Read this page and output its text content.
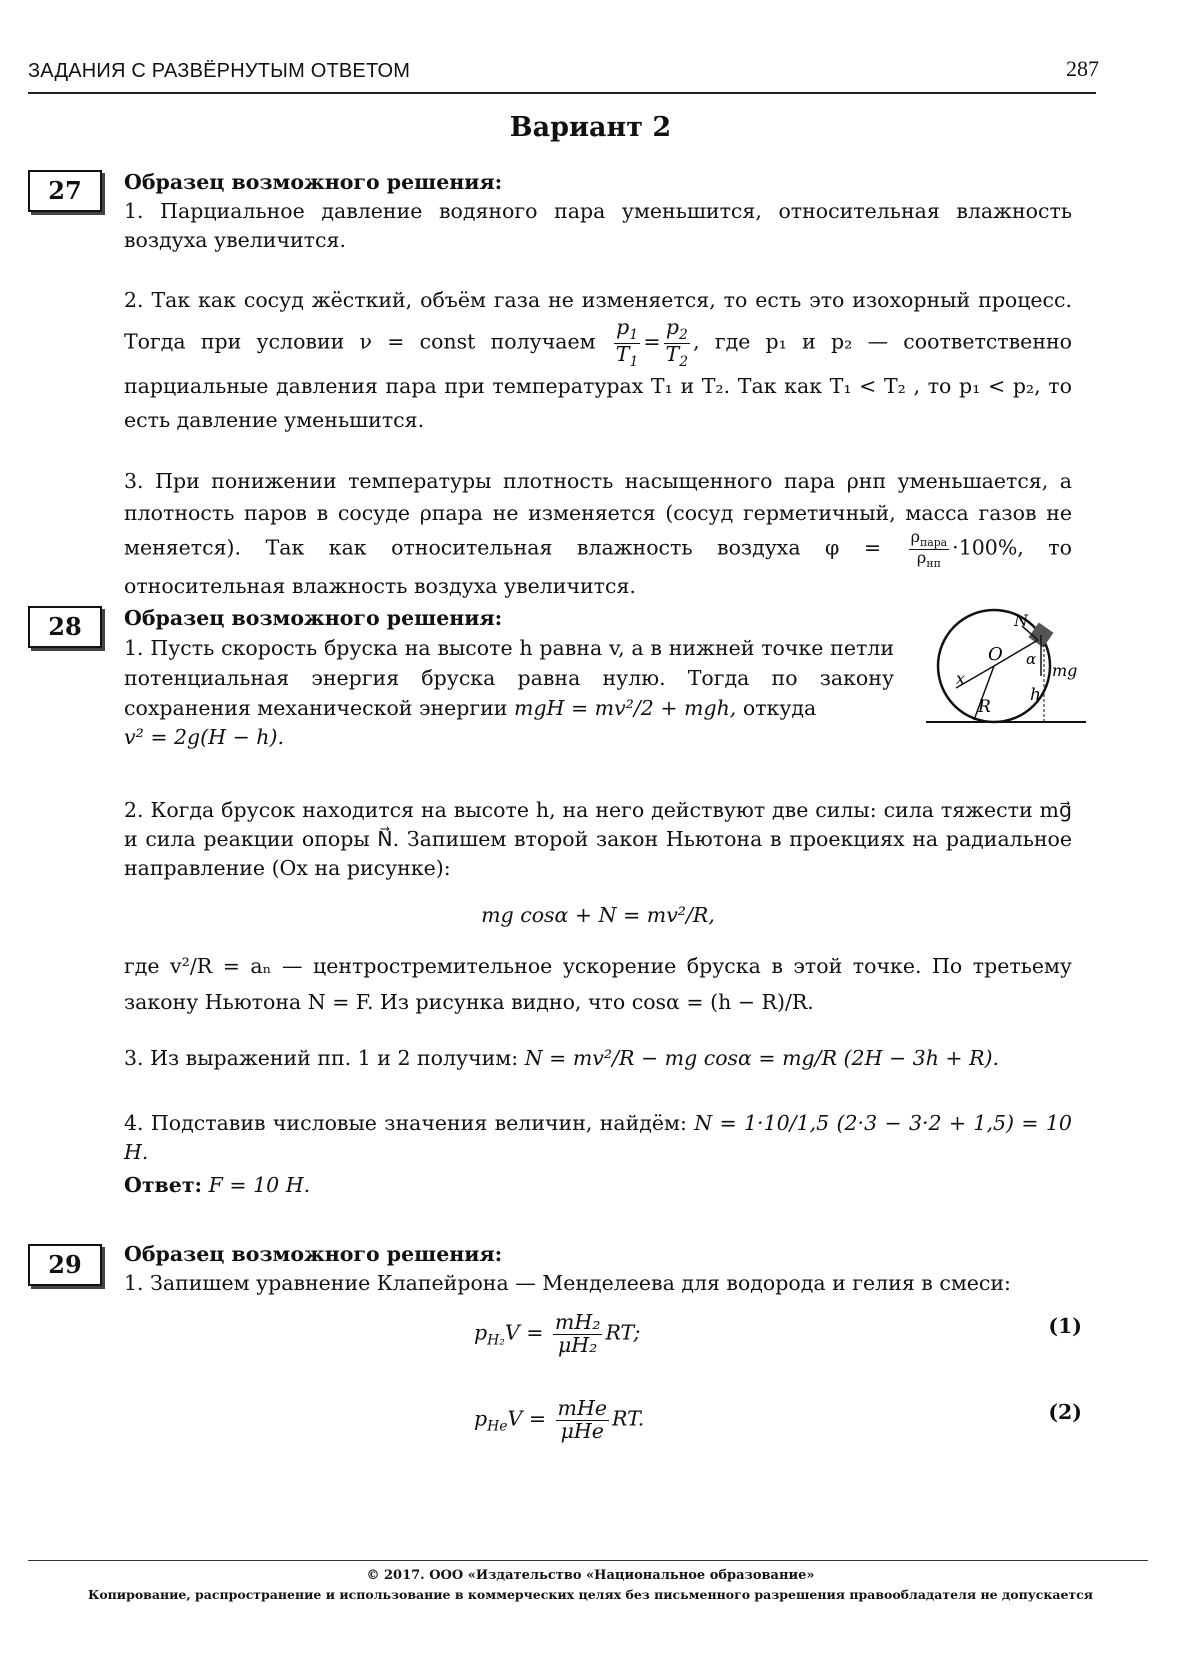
ЗАДАНИЯ С РАЗВЁРНУТЫМ ОТВЕТОМ	287
Вариант 2
27	Образец возможного решения:

1. Парциальное давление водяного пара уменьшится, относительная влажность воздуха увеличится.

2. Так как сосуд жёсткий, объём газа не изменяется, то есть это изохорный процесс. Тогда при условии ν = const получаем $\frac{p_1}{T_1} = \frac{p_2}{T_2}$ , где p₁ и p₂ — соответственно парциальные давления пара при температурах T₁ и T₂. Так как T₁ < T₂ , то p₁ < p₂, то есть давление уменьшится.

3. При понижении температуры плотность насыщенного пара ρнп уменьшается, а плотность паров в сосуде ρпара не изменяется (сосуд герметичный, масса газов не меняется). Так как относительная влажность воздуха $\varphi = \frac{\rho_{пара}}{\rho_{нп}} \cdot 100\%$, то относительная влажность воздуха увеличится.

28	Образец возможного решения:

1. Пусть скорость бруска на высоте h равна v, а в нижней точке петли потенциальная энергия бруска равна нулю. Тогда по закону сохранения механической энергии mgH = mv²/2 + mgh, откуда

v² = 2g(H − h).

N
O α
mg
x
R
h

2. Когда брусок находится на высоте h, на него действуют две силы: сила тяжести mg⃗ и сила реакции опоры N⃗. Запишем второй закон Ньютона в проекциях на радиальное направление (Ox на рисунке):

mg cosα + N = mv²/R,

где v²/R = aₙ — центростремительное ускорение бруска в этой точке. По третьему закону Ньютона N = F. Из рисунка видно, что cosα = (h − R)/R.

3. Из выражений пп. 1 и 2 получим: N = mv²/R − mg cosα = mg/R (2H − 3h + R).

4. Подставив числовые значения величин, найдём: N = 1·10/1,5 (2·3 − 3·2 + 1,5) = 10 Н.

Ответ: F = 10 Н.

29	Образец возможного решения:

1. Запишем уравнение Клапейрона — Менделеева для водорода и гелия в смеси:

$p_{H_2}V = \frac{\text{mH₂}}{\text{μH₂}}$ RT;	(1)
$p_{He}V = \frac{\text{mHe}}{\text{μHe}}$ RT.	(2)
© 2017. ООО «Издательство «Национальное образование»
Копирование, распространение и использование в коммерческих целях без письменного разрешения правообладателя не допускается
